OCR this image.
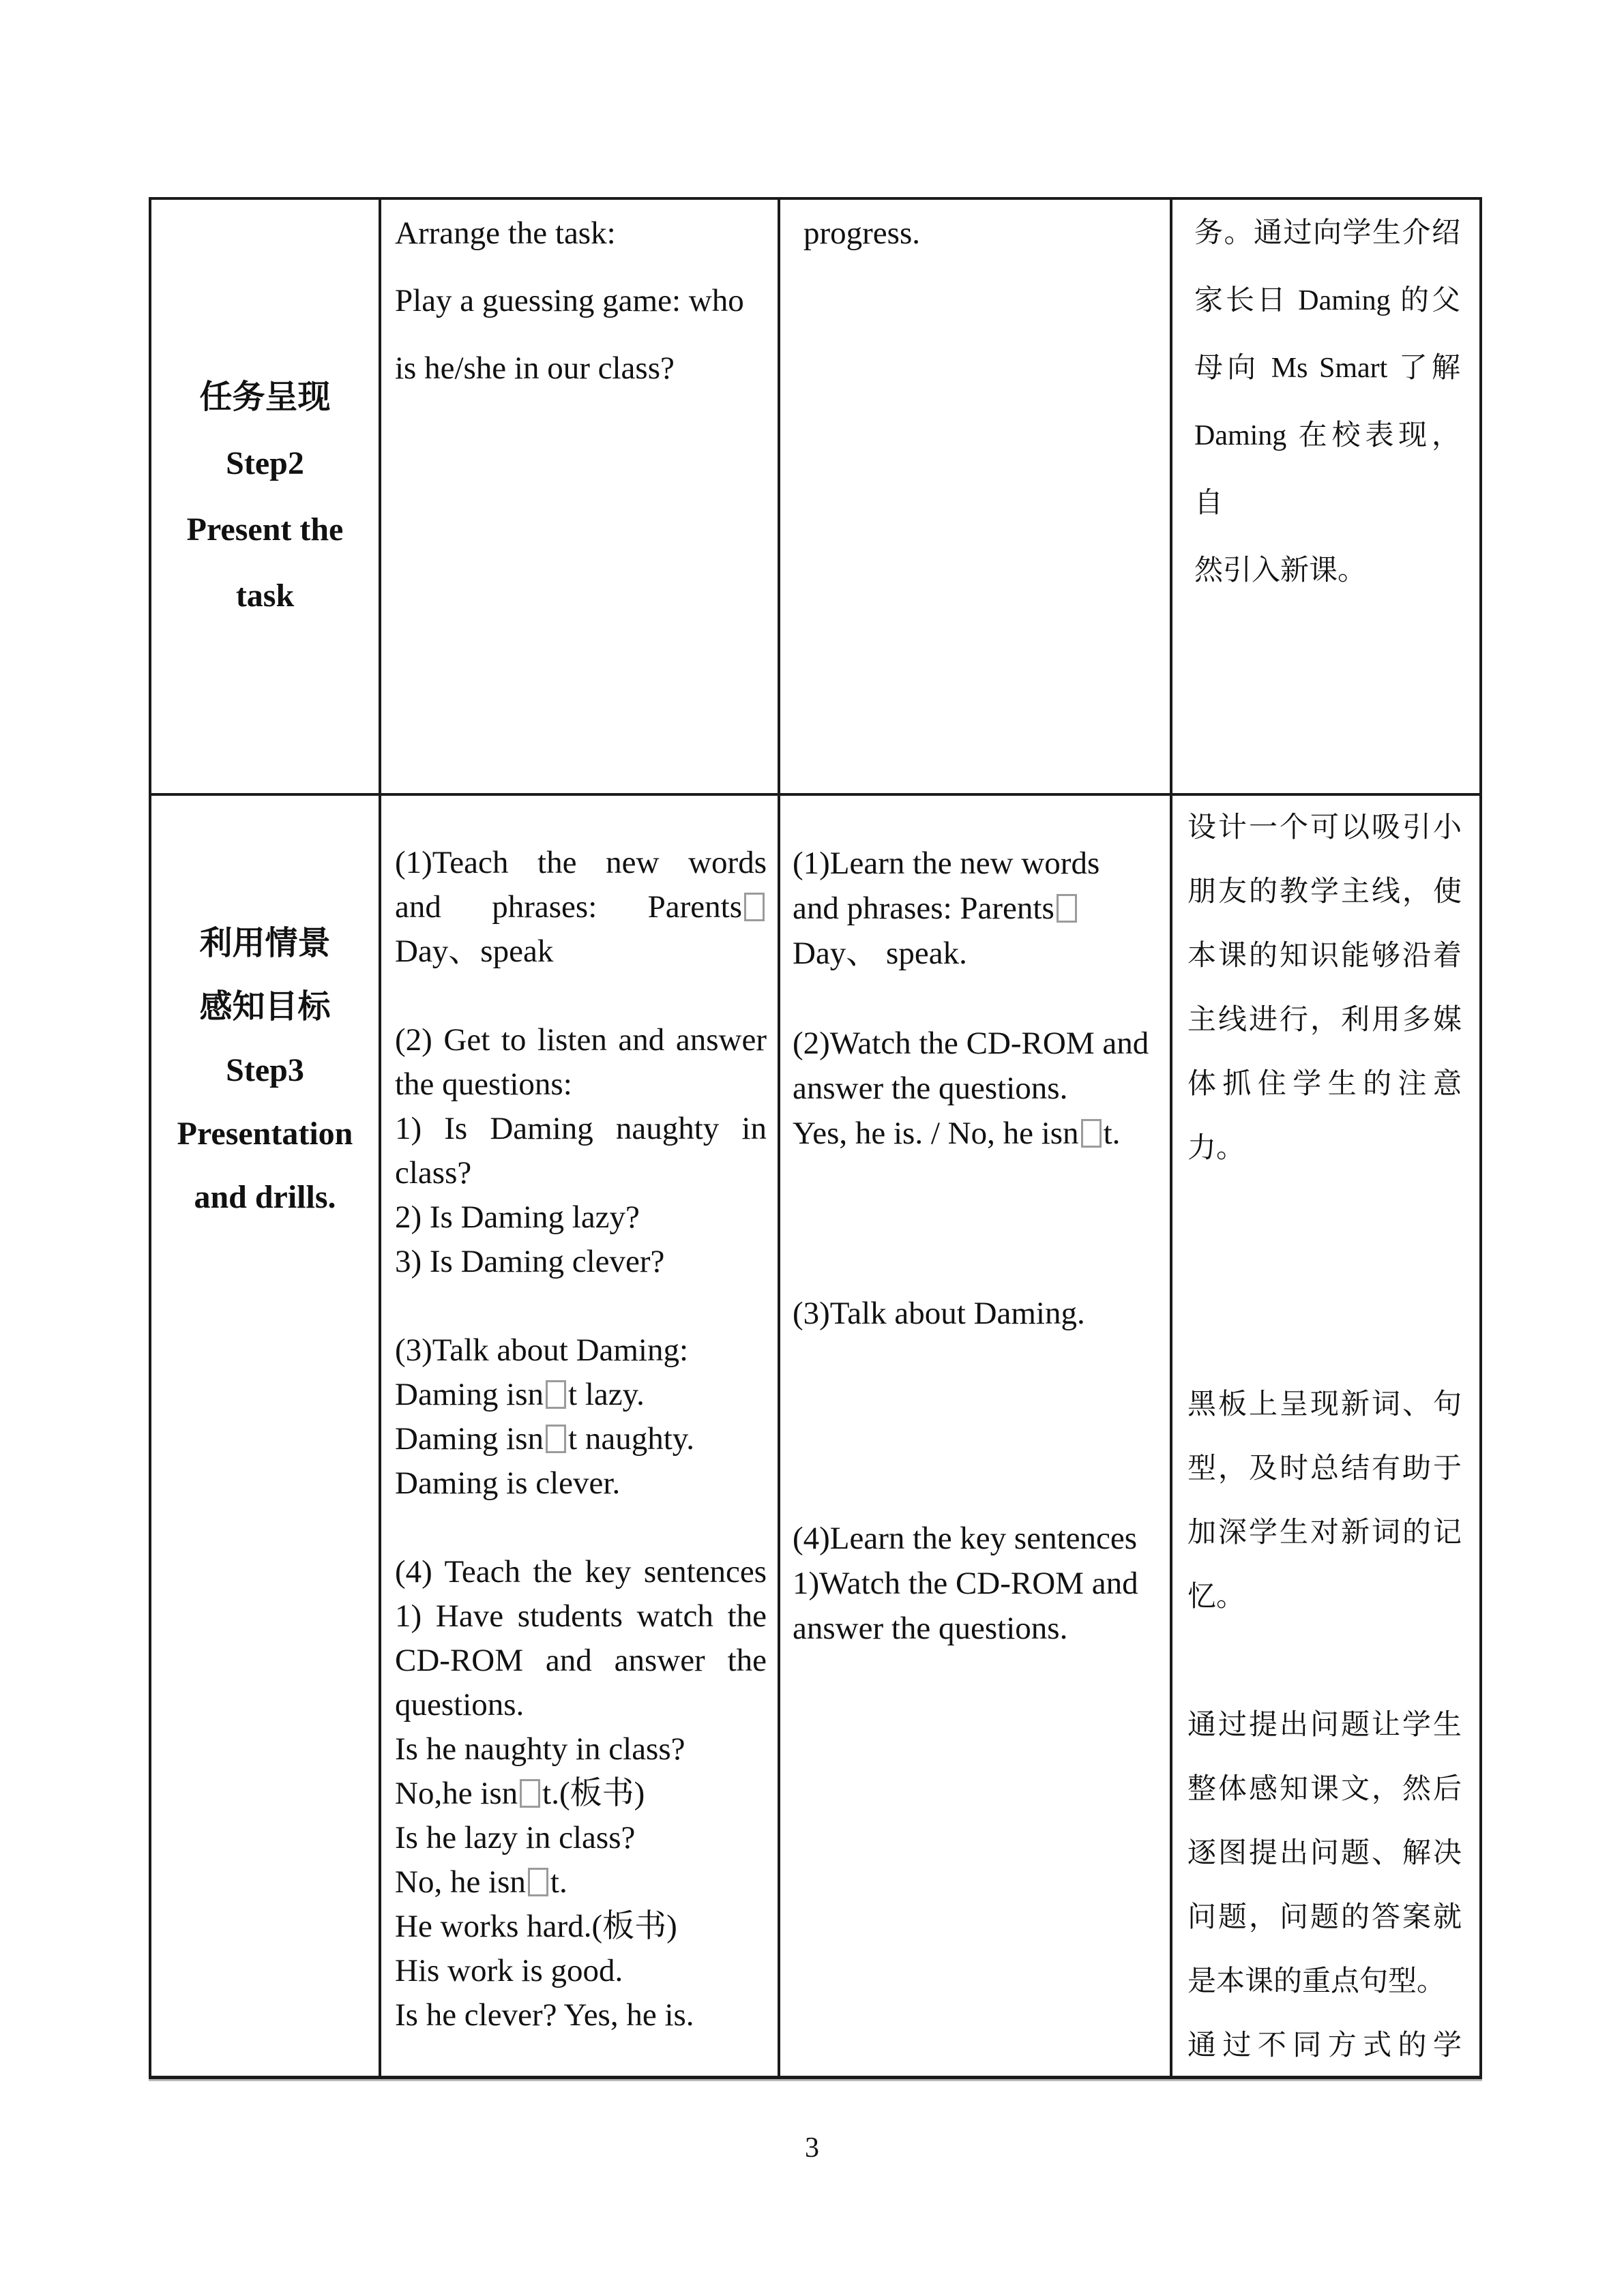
任务呈现
Step2
Present the
task
Arrange the task:
Play a guessing game: who
is he/she in our class?
progress.	务。通过向学生介绍
家长日 Daming 的父
母向 Ms Smart 了解
Daming 在校表现，自
然引入新课。
利用情景
感知目标
Step3
Presentation
and drills.
(1)Teach the new words
and phrases: Parents
Day、speak
(2) Get to listen and answer
the questions:
1) Is Daming naughty in
class?
2) Is Daming lazy?
3) Is Daming clever?
(3)Talk about Daming:
Daming isn t lazy.
Daming isn t naughty.
Daming is clever.
(4) Teach the key sentences
1) Have students watch the
CD-ROM and answer the
questions.
Is he naughty in class?
No,he isn t.(板书)
Is he lazy in class?
No, he isn t.
He works hard.(板书)
His work is good.
Is he clever? Yes, he is.
(1)Learn the new words
and phrases: Parents
Day、 speak.
(2)Watch the CD-ROM and
answer the questions.
Yes, he is. / No, he isn t.
(3)Talk about Daming.
(4)Learn the key sentences
1)Watch the CD-ROM and
answer the questions.
设计一个可以吸引小
朋友的教学主线，使
本课的知识能够沿着
主线进行，利用多媒
体抓住学生的注意
力。
黑板上呈现新词、句
型，及时总结有助于
加深学生对新词的记
忆。
通过提出问题让学生
整体感知课文，然后
逐图提出问题、解决
问题，问题的答案就
是本课的重点句型。
通过不同方式的学
3
